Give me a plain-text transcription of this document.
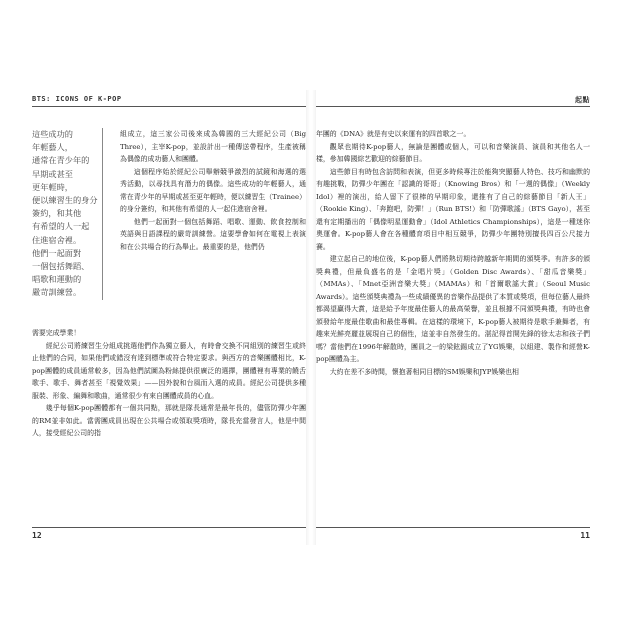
BTS: ICONS OF K-POP
這些成功的
年輕藝人，
通常在青少年的
早期或甚至
更年輕時，
便以練習生的身分
簽約，和其他
有希望的人一起
住進宿舍裡。
他們一起面對
一個包括舞蹈、
唱歌和運動的
嚴苛訓練營。

組成立，這三家公司後來成為韓國的三大經紀公司（Big Three），主宰K-pop，並設計出一種傳送帶程序，生產被稱為偶像的成功藝人和團體。

這個程序始於經紀公司舉辦競爭激烈的試鏡和海選的選秀活動，以尋找具有潛力的偶像。這些成功的年輕藝人，通常在青少年的早期或甚至更年輕時，便以練習生（Trainee）的身分簽約，和其他有希望的人一起住進宿舍裡。

他們一起面對一個包括舞蹈、唱歌、運動、飲食控制和英語與日語課程的嚴苛訓練營。這要學會如何在電視上表演和在公共場合的行為舉止。最重要的是，他們仍

需要完成學業！

經紀公司將練習生分組成挑選他們作為獨立藝人，有時會交換不同組別的練習生或終止他們的合同，如果他們或錯沒有達到標準或符合特定要求。與西方的音樂團體相比，K-pop團體的成員通常較多，因為他們試圖為粉絲提供很廣泛的選擇，團體裡有專業的饒舌歌手、歌手、舞者甚至「視覺效果」——因外貌和台風而入選的成員。經紀公司提供多種服裝、形象、編舞和歌曲，通常很少有來自團體成員的心血。

幾乎每個K-pop團體都有一個共同點，那就是隊長通常是最年長的，儘管防彈少年團的RM並非如此。當需團成員出現在公共場合或領取獎項時，隊長充當發言人，他是中間人，接受經紀公司的指

12
起點

年團的《DNA》就是有史以來運有的四首歌之一。

觀眾也期待K-pop藝人，無論是團體或個人，可以和音樂演員、演員和其他名人一樣，參加韓國綜艺歡迎的綜藝節目。

這些節目有時包含訪問和表演，但更多時候專注於能夠突顯藝人特色、技巧和幽默的有趣挑戰，防彈少年團在「認識的哥哥」（Knowing Bros）和「一週的偶像」（Weekly Idol）裡的演出，給人留下了很棒的早期印象，還推有了自己的綜藝節目「新人王」（Rookie King）、「奔跑吧，防彈！」（Run BTS!）和「防彈歌謠」（BTS Gayo），甚至還有定期播出的「偶像明星運動會」（Idol Athletics Championships），這是一種迷你奧運會。K-pop藝人會在各種體育項目中相互競爭，防彈少年團特別擅長四百公尺接力賽。

建立起自己的地位後，K-pop藝人們將熱切期待跨越新年期間的頒獎季。有許多的頒獎典禮，但最負盛名的是「金唱片獎」（Golden Disc Awards）、「甜瓜音樂獎」（MMAs）、「Mnet亞洲音樂大獎」（MAMAs）和「首爾歌謠大賞」（Seoul Music Awards）。這些頒獎典禮為一些成績優異的音樂作品提供了本質或獎項，但每位藝人最終都渴望贏得大賞，這是給予年度最佳藝人的最高榮譽，並且根據不同頒獎典禮，有時也會頒發給年度最佳歌曲和最佳專輯。在這樣的環境下，K-pop藝人被期待是歌手兼舞者，有趣來光鮮亮麗並展現自己的個性，這並非自然發生的。湛記得首開先鋒的徐太志和孩子們嗎？當他們在1996年解散時，團員之一的梁鉉錫成立了YG娛樂，以組建、製作和經營K-pop團體為主。

大約在差不多時間，懷抱著相同目標的SM娛樂和JYP娛樂也相

11
